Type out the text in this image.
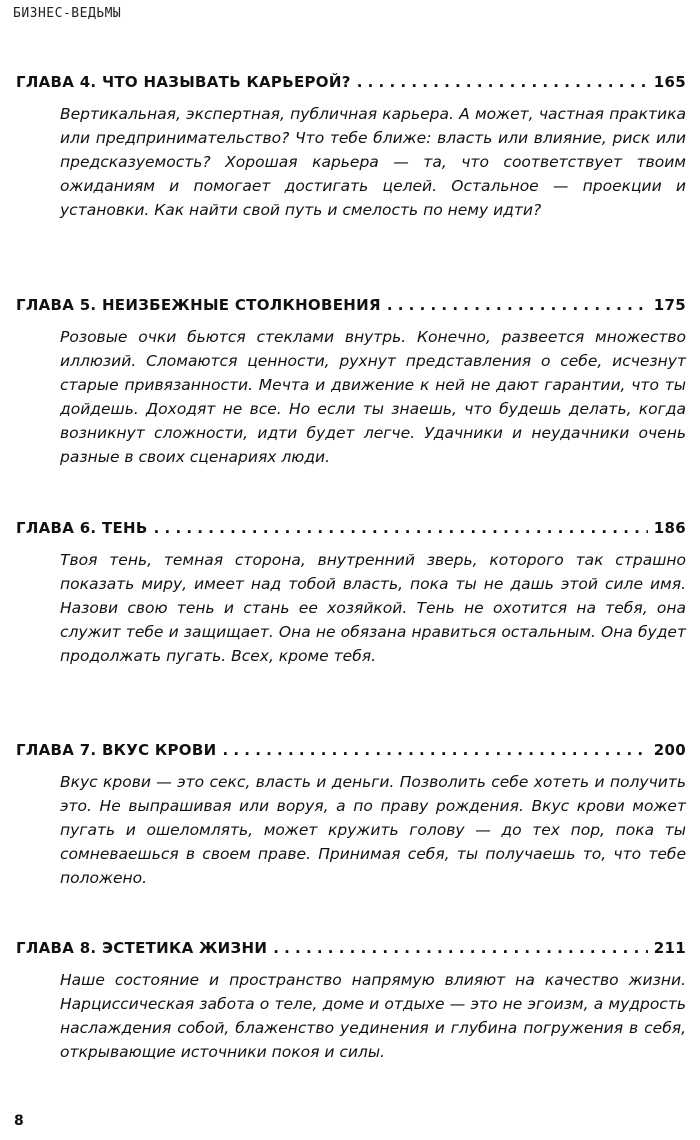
БИЗНЕС-ВЕДЬМЫ
ГЛАВА 4. ЧТО НАЗЫВАТЬ КАРЬЕРОЙ? . . .	165
Вертикальная, экспертная, публичная карьера. А может, частная практика или предпринимательство? Что тебе ближе: власть или влияние, риск или предсказуемость? Хорошая карьера — та, что соответствует твоим ожиданиям и помогает достигать целей. Остальное — проекции и установки. Как найти свой путь и смелость по нему идти?
ГЛАВА 5. НЕИЗБЕЖНЫЕ СТОЛКНОВЕНИЯ . . .	175
Розовые очки бьются стеклами внутрь. Конечно, развеется множество иллюзий. Сломаются ценности, рухнут представления о себе, исчезнут старые привязанности. Мечта и движение к ней не дают гарантии, что ты дойдешь. Доходят не все. Но если ты знаешь, что будешь делать, когда возникнут сложности, идти будет легче. Удачники и неудачники очень разные в своих сценариях люди.
ГЛАВА 6. ТЕНЬ . . .	186
Твоя тень, темная сторона, внутренний зверь, которого так страшно показать миру, имеет над тобой власть, пока ты не дашь этой силе имя. Назови свою тень и стань ее хозяйкой. Тень не охотится на тебя, она служит тебе и защищает. Она не обязана нравиться остальным. Она будет продолжать пугать. Всех, кроме тебя.
ГЛАВА 7. ВКУС КРОВИ . . .	200
Вкус крови — это секс, власть и деньги. Позволить себе хотеть и получить это. Не выпрашивая или воруя, а по праву рождения. Вкус крови может пугать и ошеломлять, может кружить голову — до тех пор, пока ты сомневаешься в своем праве. Принимая себя, ты получаешь то, что тебе положено.
ГЛАВА 8. ЭСТЕТИКА ЖИЗНИ . . .	211
Наше состояние и пространство напрямую влияют на качество жизни. Нарциссическая забота о теле, доме и отдыхе — это не эгоизм, а мудрость наслаждения собой, блаженство уединения и глубина погружения в себя, открывающие источники покоя и силы.
8
